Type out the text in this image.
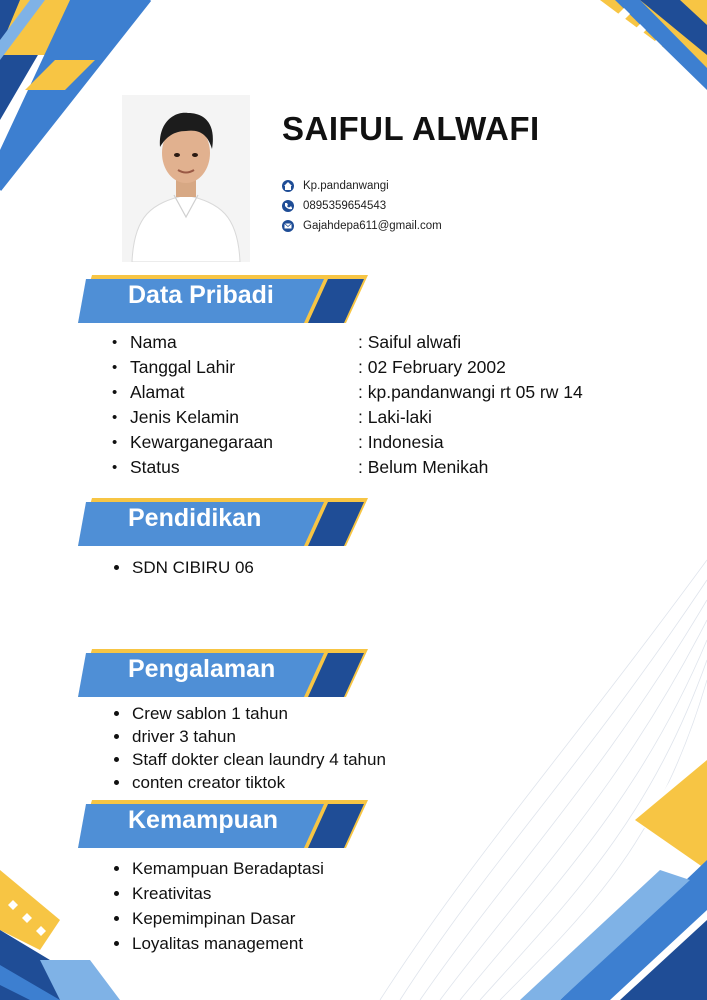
SAIFUL ALWAFI
Kp.pandanwangi
0895359654543
Gajahdepa611@gmail.com
Data Pribadi
• Nama	: Saiful alwafi
• Tanggal Lahir	: 02 February 2002
• Alamat	: kp.pandanwangi rt 05 rw 14
• Jenis Kelamin	: Laki-laki
• Kewarganegaraan	: Indonesia
• Status	: Belum Menikah
Pendidikan
SDN CIBIRU 06
Pengalaman
Crew sablon 1 tahun
driver 3 tahun
Staff dokter clean laundry 4 tahun
conten creator tiktok
Kemampuan
Kemampuan Beradaptasi
Kreativitas
Kepemimpinan Dasar
Loyalitas management
